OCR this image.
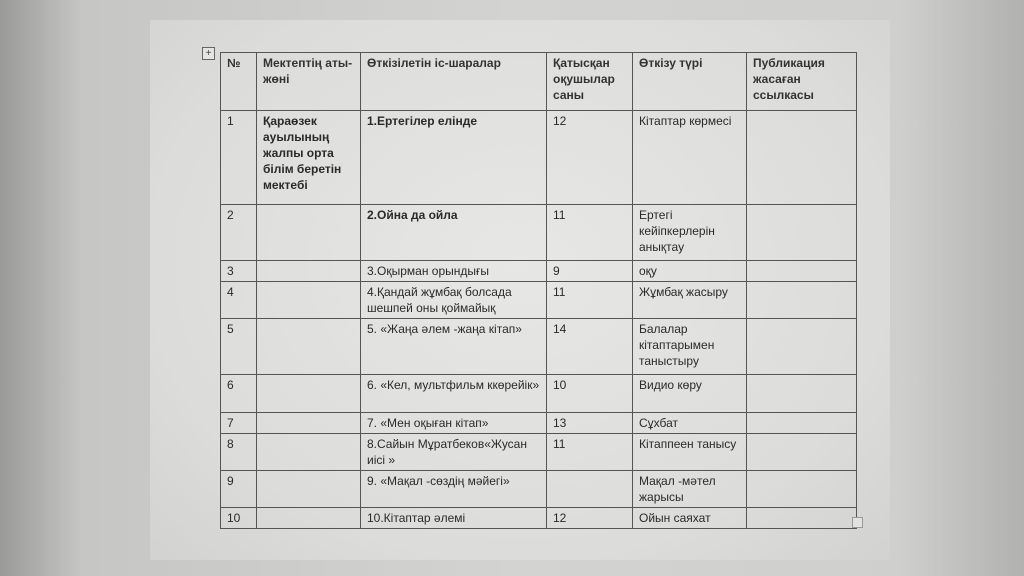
+
№	Мектептің аты-жөні	Өткізілетін іс-шаралар	Қатысқан оқушылар саны	Өткізу түрі	Публикация жасаған ссылкасы
1	Қараөзек ауылының жалпы орта білім беретін мектебі	1.Ертегілер елінде	12	Кітаптар көрмесі	
2		2.Ойна да ойла	11	Ертегі кейіпкерлерін анықтау	
3		3.Оқырман орындығы	9	оқу	
4		4.Қандай жұмбақ болсада шешпей оны қоймайық	11	Жұмбақ жасыру	
5		5. «Жаңа әлем -жаңа кітап»	14	Балалар кітаптарымен таныстыру	
6		6. «Кел, мультфильм ккөрейік»	10	Видио көру	
7		7. «Мен оқыған кітап»	13	Сұхбат	
8		8.Сайын Мұратбеков«Жусан иісі »	11	Кітаппеен танысу	
9		9. «Мақал -сөздің мәйегі»		Мақал -мәтел жарысы	
10		10.Кітаптар әлемі	12	Ойын саяхат	
